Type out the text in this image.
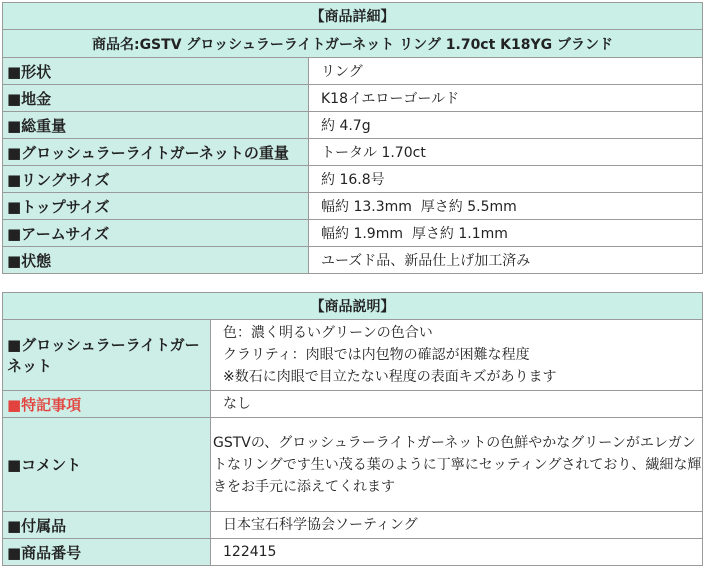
【商品詳細】	
商品名:GSTV グロッシュラーライトガーネット リング 1.70ct K18YG ブランド	
■形状	リング
■地金	K18イエローゴールド
■総重量	約 4.7g
■グロッシュラーライトガーネットの重量	トータル 1.70ct
■リングサイズ	約 16.8号
■トップサイズ	幅約 13.3mm  厚さ約 5.5mm
■アームサイズ	幅約 1.9mm  厚さ約 1.1mm
■状態	ユーズド品、新品仕上げ加工済み
【商品説明】	
■グロッシュラーライトガーネット	色：濃く明るいグリーンの色合い
クラリティ：肉眼では内包物の確認が困難な程度
※数石に肉眼で目立たない程度の表面キズがあります

■特記事項	なし
■コメント	GSTVの、グロッシュラーライトガーネットの色鮮やかなグリーンがエレガントなリングです生い茂る葉のように丁寧にセッティングされており、繊細な輝きをお手元に添えてくれます

■付属品	日本宝石科学協会ソーティング
■商品番号	122415
